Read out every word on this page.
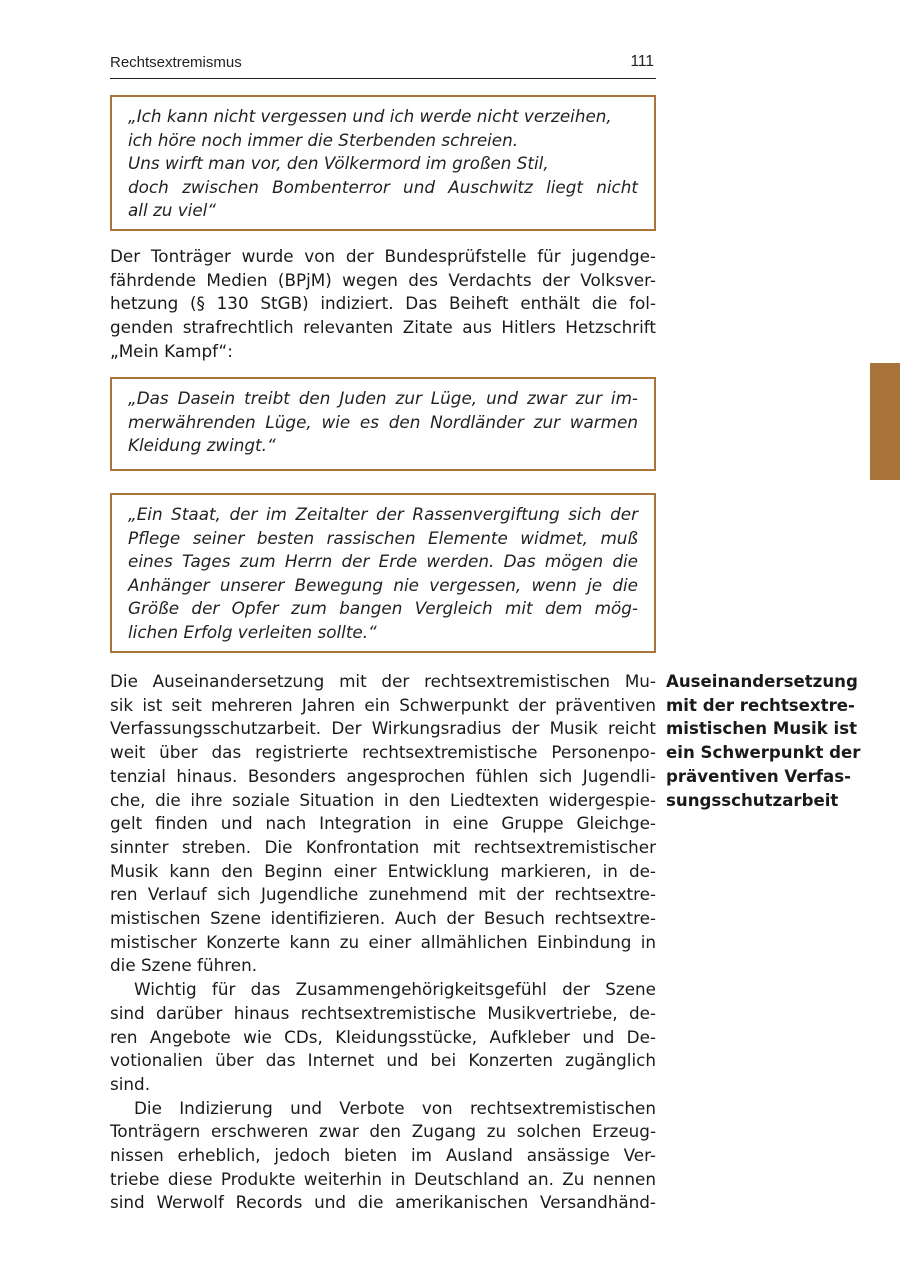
Rechtsextremismus	111
„Ich kann nicht vergessen und ich werde nicht verzeihen,
ich höre noch immer die Sterbenden schreien.
Uns wirft man vor, den Völkermord im großen Stil,
doch zwischen Bombenterror und Auschwitz liegt nicht
all zu viel“
Der Tonträger wurde von der Bundesprüfstelle für jugendge-
fährdende Medien (BPjM) wegen des Verdachts der Volksver-
hetzung (§ 130 StGB) indiziert. Das Beiheft enthält die fol-
genden strafrechtlich relevanten Zitate aus Hitlers Hetzschrift
„Mein Kampf“:
„Das Dasein treibt den Juden zur Lüge, und zwar zur im-
merwährenden Lüge, wie es den Nordländer zur warmen
Kleidung zwingt.“
„Ein Staat, der im Zeitalter der Rassenvergiftung sich der
Pflege seiner besten rassischen Elemente widmet, muß
eines Tages zum Herrn der Erde werden. Das mögen die
Anhänger unserer Bewegung nie vergessen, wenn je die
Größe der Opfer zum bangen Vergleich mit dem mög-
lichen Erfolg verleiten sollte.“
Die Auseinandersetzung mit der rechtsextremistischen Mu-
sik ist seit mehreren Jahren ein Schwerpunkt der präventiven
Verfassungsschutzarbeit. Der Wirkungsradius der Musik reicht
weit über das registrierte rechtsextremistische Personenpo-
tenzial hinaus. Besonders angesprochen fühlen sich Jugendli-
che, die ihre soziale Situation in den Liedtexten widergespie-
gelt finden und nach Integration in eine Gruppe Gleichge-
sinnter streben. Die Konfrontation mit rechtsextremistischer
Musik kann den Beginn einer Entwicklung markieren, in de-
ren Verlauf sich Jugendliche zunehmend mit der rechtsextre-
mistischen Szene identifizieren. Auch der Besuch rechtsextre-
mistischer Konzerte kann zu einer allmählichen Einbindung in
die Szene führen.
Wichtig für das Zusammengehörigkeitsgefühl der Szene
sind darüber hinaus rechtsextremistische Musikvertriebe, de-
ren Angebote wie CDs, Kleidungsstücke, Aufkleber und De-
votionalien über das Internet und bei Konzerten zugänglich
sind.
Die Indizierung und Verbote von rechtsextremistischen
Tonträgern erschweren zwar den Zugang zu solchen Erzeug-
nissen erheblich, jedoch bieten im Ausland ansässige Ver-
triebe diese Produkte weiterhin in Deutschland an. Zu nennen
sind Werwolf Records und die amerikanischen Versandhänd-
Auseinandersetzung
mit der rechtsextre-
mistischen Musik ist
ein Schwerpunkt der
präventiven Verfas-
sungsschutzarbeit
